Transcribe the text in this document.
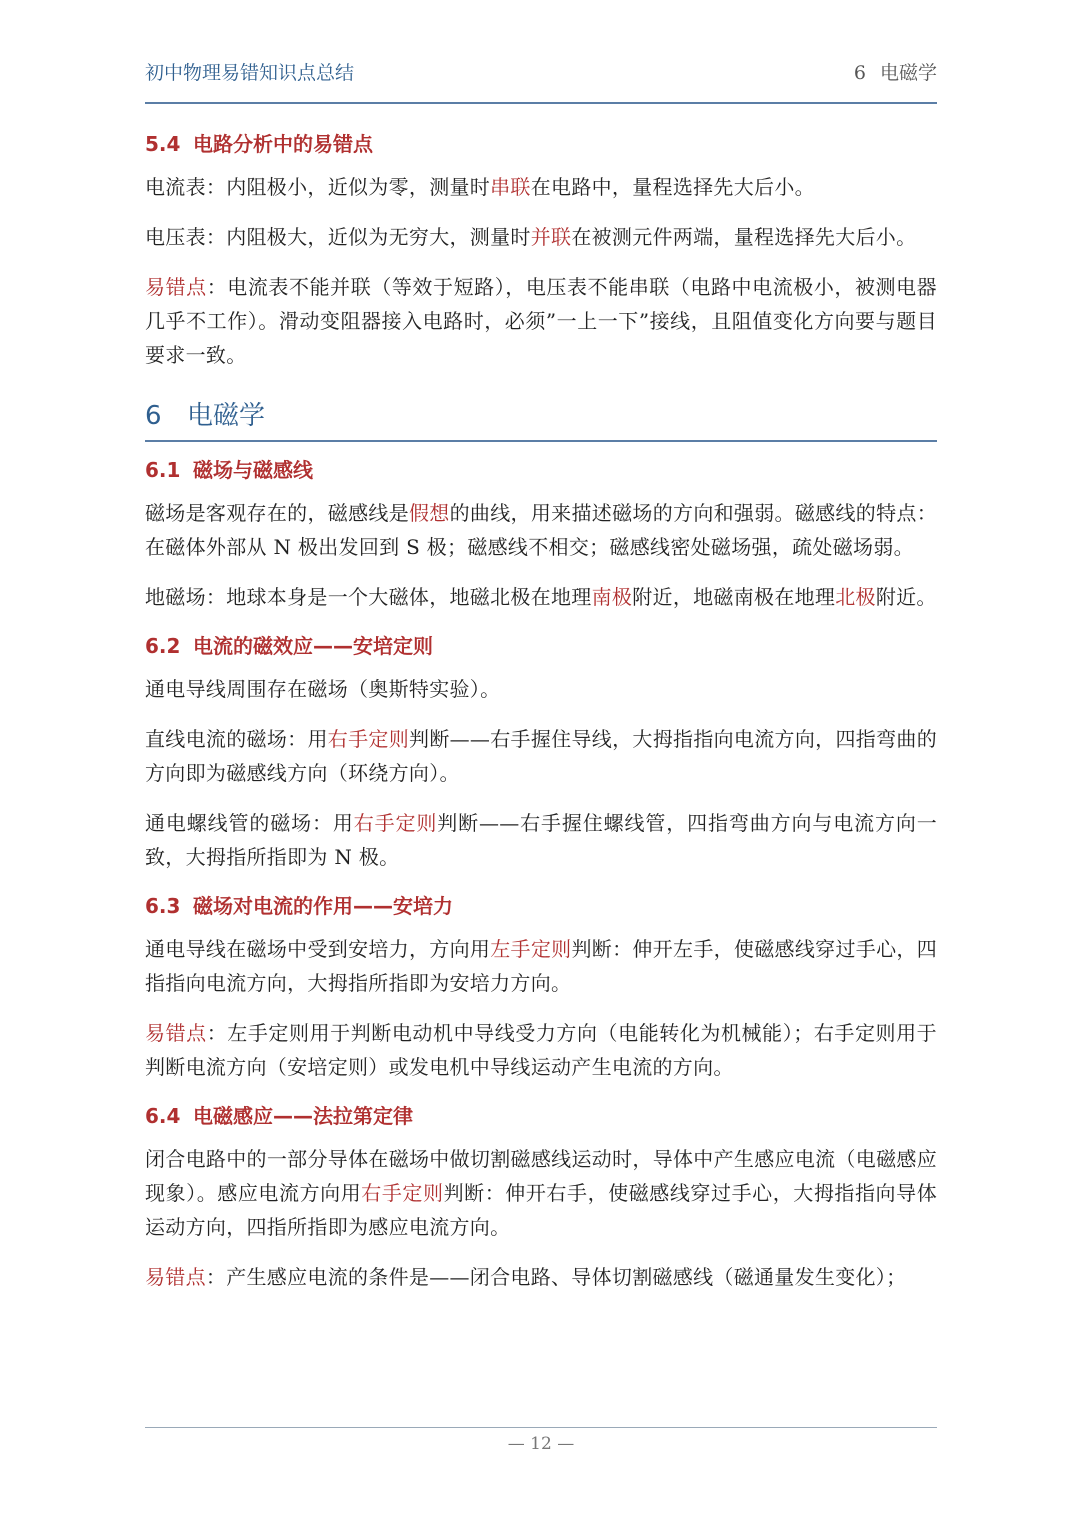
初中物理易错知识点总结	6 电磁学
5.4 电路分析中的易错点

电流表：内阻极小，近似为零，测量时串联在电路中，量程选择先大后小。

电压表：内阻极大，近似为无穷大，测量时并联在被测元件两端，量程选择先大后小。

易错点：电流表不能并联（等效于短路），电压表不能串联（电路中电流极小，被测电器几乎不工作）。滑动变阻器接入电路时，必须”一上一下”接线，且阻值变化方向要与题目要求一致。

6 电磁学
6.1 磁场与磁感线

磁场是客观存在的，磁感线是假想的曲线，用来描述磁场的方向和强弱。磁感线的特点：在磁体外部从 N 极出发回到 S 极；磁感线不相交；磁感线密处磁场强，疏处磁场弱。

地磁场：地球本身是一个大磁体，地磁北极在地理南极附近，地磁南极在地理北极附近。

6.2 电流的磁效应——安培定则

通电导线周围存在磁场（奥斯特实验）。

直线电流的磁场：用右手定则判断——右手握住导线，大拇指指向电流方向，四指弯曲的方向即为磁感线方向（环绕方向）。

通电螺线管的磁场：用右手定则判断——右手握住螺线管，四指弯曲方向与电流方向一致，大拇指所指即为 N 极。

6.3 磁场对电流的作用——安培力

通电导线在磁场中受到安培力，方向用左手定则判断：伸开左手，使磁感线穿过手心，四指指向电流方向，大拇指所指即为安培力方向。

易错点：左手定则用于判断电动机中导线受力方向（电能转化为机械能）；右手定则用于判断电流方向（安培定则）或发电机中导线运动产生电流的方向。

6.4 电磁感应——法拉第定律

闭合电路中的一部分导体在磁场中做切割磁感线运动时，导体中产生感应电流（电磁感应现象）。感应电流方向用右手定则判断：伸开右手，使磁感线穿过手心，大拇指指向导体运动方向，四指所指即为感应电流方向。

易错点：产生感应电流的条件是——闭合电路、导体切割磁感线（磁通量发生变化）；

— 12 —
